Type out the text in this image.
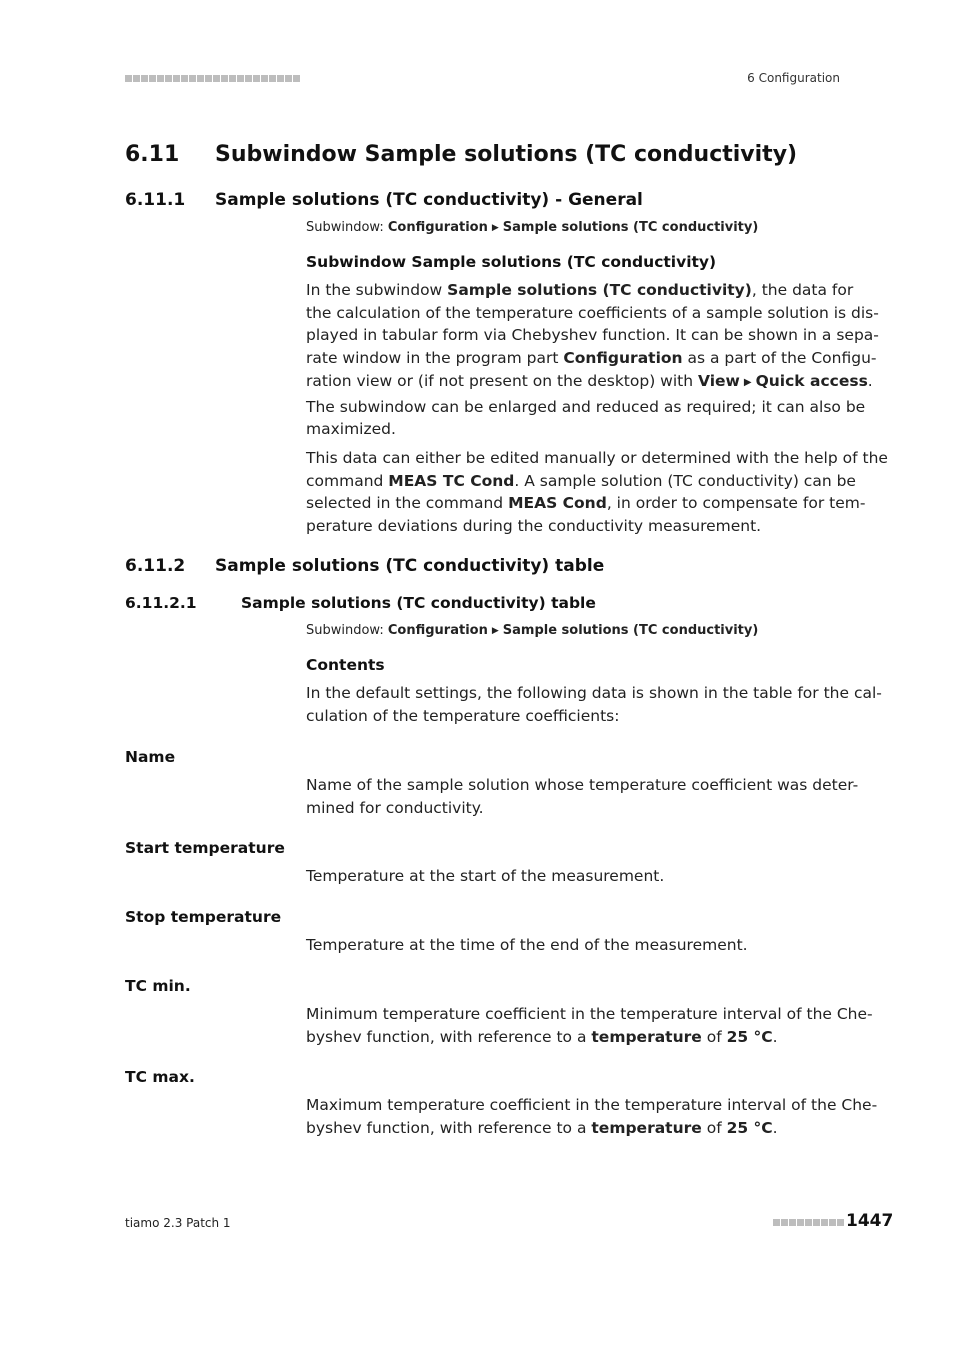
6 Configuration
6.11 Subwindow Sample solutions (TC conductivity)
6.11.1 Sample solutions (TC conductivity) - General
Subwindow: Configuration ▶ Sample solutions (TC conductivity)
Subwindow Sample solutions (TC conductivity)
In the subwindow Sample solutions (TC conductivity), the data for
the calculation of the temperature coefficients of a sample solution is dis-
played in tabular form via Chebyshev function. It can be shown in a sepa-
rate window in the program part Configuration as a part of the Configu-
ration view or (if not present on the desktop) with View ▶ Quick access.
The subwindow can be enlarged and reduced as required; it can also be
maximized.
This data can either be edited manually or determined with the help of the
command MEAS TC Cond. A sample solution (TC conductivity) can be
selected in the command MEAS Cond, in order to compensate for tem-
perature deviations during the conductivity measurement.
6.11.2 Sample solutions (TC conductivity) table
6.11.2.1	Sample solutions (TC conductivity) table
Subwindow: Configuration ▶ Sample solutions (TC conductivity)
Contents
In the default settings, the following data is shown in the table for the cal-
culation of the temperature coefficients:
Name
Name of the sample solution whose temperature coefficient was deter-
mined for conductivity.
Start temperature
Temperature at the start of the measurement.
Stop temperature
Temperature at the time of the end of the measurement.
TC min.
Minimum temperature coefficient in the temperature interval of the Che-
byshev function, with reference to a temperature of 25 °C.
TC max.
Maximum temperature coefficient in the temperature interval of the Che-
byshev function, with reference to a temperature of 25 °C.
tiamo 2.3 Patch 1	1447
